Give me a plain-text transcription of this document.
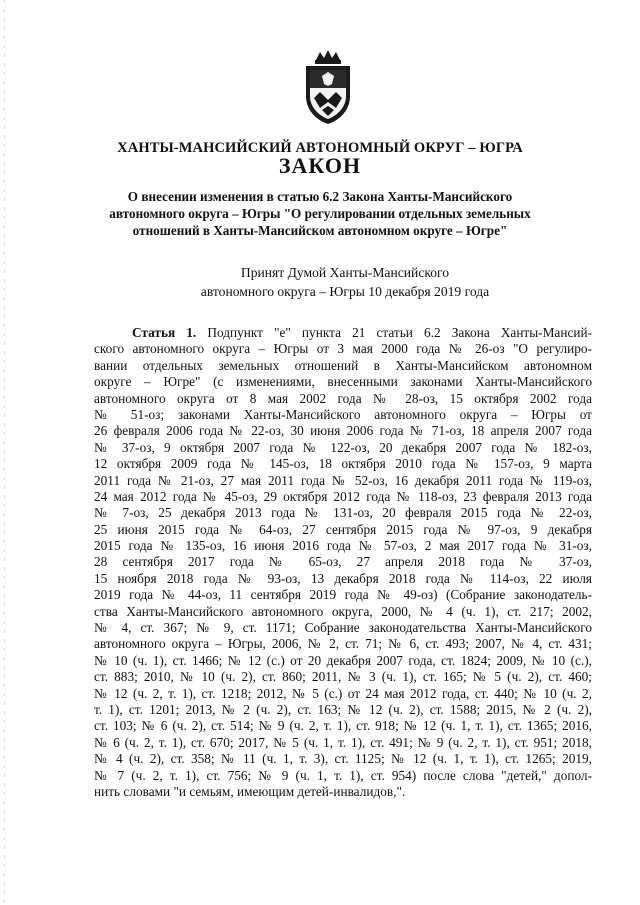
ХАНТЫ-МАНСИЙСКИЙ АВТОНОМНЫЙ ОКРУГ – ЮГРА
ЗАКОН
О внесении изменения в статью 6.2 Закона Ханты-Мансийского
автономного округа – Югры "О регулировании отдельных земельных
отношений в Ханты-Мансийском автономном округе – Югре"
Принят Думой Ханты-Мансийского
автономного округа – Югры 10 декабря 2019 года
Статья 1. Подпункт "е" пункта 21 статьи 6.2 Закона Ханты-Мансий-
ского автономного округа – Югры от 3 мая 2000 года № 26-оз "О регулиро-
вании отдельных земельных отношений в Ханты-Мансийском автономном
округе – Югре" (с изменениями, внесенными законами Ханты-Мансийского
автономного округа от 8 мая 2002 года № 28-оз, 15 октября 2002 года
№ 51-оз; законами Ханты-Мансийского автономного округа – Югры от
26 февраля 2006 года № 22-оз, 30 июня 2006 года № 71-оз, 18 апреля 2007 года
№ 37-оз, 9 октября 2007 года № 122-оз, 20 декабря 2007 года № 182-оз,
12 октября 2009 года № 145-оз, 18 октября 2010 года № 157-оз, 9 марта
2011 года № 21-оз, 27 мая 2011 года № 52-оз, 16 декабря 2011 года № 119-оз,
24 мая 2012 года № 45-оз, 29 октября 2012 года № 118-оз, 23 февраля 2013 года
№ 7-оз, 25 декабря 2013 года № 131-оз, 20 февраля 2015 года № 22-оз,
25 июня 2015 года № 64-оз, 27 сентября 2015 года № 97-оз, 9 декабря
2015 года № 135-оз, 16 июня 2016 года № 57-оз, 2 мая 2017 года № 31-оз,
28 сентября 2017 года № 65-оз, 27 апреля 2018 года № 37-оз,
15 ноября 2018 года № 93-оз, 13 декабря 2018 года № 114-оз, 22 июля
2019 года № 44-оз, 11 сентября 2019 года № 49-оз) (Собрание законодатель-
ства Ханты-Мансийского автономного округа, 2000, № 4 (ч. 1), ст. 217; 2002,
№ 4, ст. 367; № 9, ст. 1171; Собрание законодательства Ханты-Мансийского
автономного округа – Югры, 2006, № 2, ст. 71; № 6, ст. 493; 2007, № 4, ст. 431;
№ 10 (ч. 1), ст. 1466; № 12 (с.) от 20 декабря 2007 года, ст. 1824; 2009, № 10 (с.),
ст. 883; 2010, № 10 (ч. 2), ст. 860; 2011, № 3 (ч. 1), ст. 165; № 5 (ч. 2), ст. 460;
№ 12 (ч. 2, т. 1), ст. 1218; 2012, № 5 (с.) от 24 мая 2012 года, ст. 440; № 10 (ч. 2,
т. 1), ст. 1201; 2013, № 2 (ч. 2), ст. 163; № 12 (ч. 2), ст. 1588; 2015, № 2 (ч. 2),
ст. 103; № 6 (ч. 2), ст. 514; № 9 (ч. 2, т. 1), ст. 918; № 12 (ч. 1, т. 1), ст. 1365; 2016,
№ 6 (ч. 2, т. 1), ст. 670; 2017, № 5 (ч. 1, т. 1), ст. 491; № 9 (ч. 2, т. 1), ст. 951; 2018,
№ 4 (ч. 2), ст. 358; № 11 (ч. 1, т. 3), ст. 1125; № 12 (ч. 1, т. 1), ст. 1265; 2019,
№ 7 (ч. 2, т. 1), ст. 756; № 9 (ч. 1, т. 1), ст. 954) после слова "детей," допол-
нить словами "и семьям, имеющим детей-инвалидов,".
